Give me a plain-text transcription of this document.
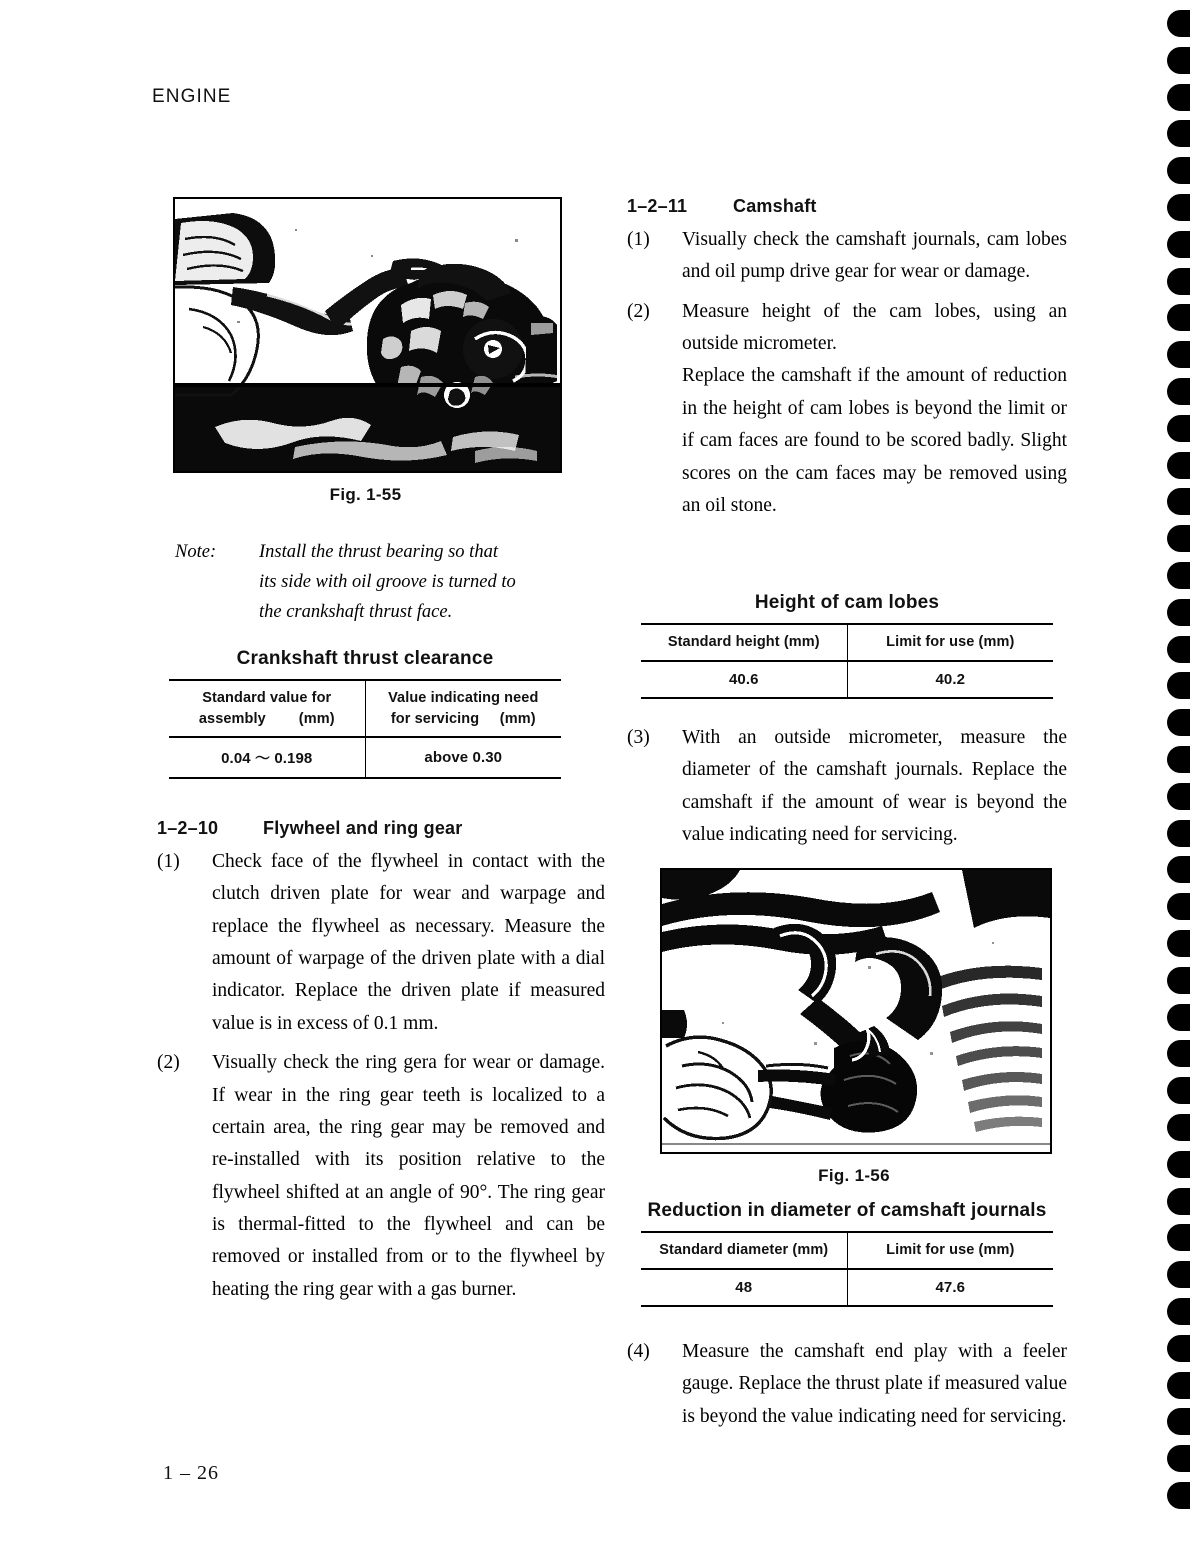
ENGINE
Fig. 1-55
Note:	Install the thrust bearing so that
its side with oil groove is turned to
the crankshaft thrust face.
Crankshaft thrust clearance
Standard value for
assembly        (mm)	Value indicating need
for servicing     (mm)

0.04 ～ 0.198	above 0.30
1–2–10	Flywheel and ring gear
(1)	Check face of the flywheel in contact with the clutch driven plate for wear and warpage and replace the flywheel as necessary. Measure the amount of warpage of the driven plate with a dial indicator. Replace the driven plate if measured value is in excess of 0.1 mm.
(2)	Visually check the ring gera for wear or damage. If wear in the ring gear teeth is localized to a certain area, the ring gear may be removed and re-installed with its position relative to the flywheel shifted at an angle of 90°. The ring gear is thermal-fitted to the flywheel and can be removed or installed from or to the flywheel by heating the ring gear with a gas burner.
1–2–11	Camshaft
(1)	Visually check the camshaft journals, cam lobes and oil pump drive gear for wear or damage.
(2)	Measure height of the cam lobes, using an outside micrometer.
Replace the camshaft if the amount of reduction in the height of cam lobes is beyond the limit or if cam faces are found to be scored badly. Slight scores on the cam faces may be removed using an oil stone.
Height of cam lobes
Standard height (mm)	Limit for use (mm)
40.6	40.2
(3)	With an outside micrometer, measure the diameter of the camshaft journals. Replace the camshaft if the amount of wear is beyond the value indicating need for servicing.
Fig. 1-56
Reduction in diameter of camshaft journals
Standard diameter (mm)	Limit for use (mm)
48	47.6
(4)	Measure the camshaft end play with a feeler gauge. Replace the thrust plate if measured value is beyond the value indicating need for servicing.
1 – 26
